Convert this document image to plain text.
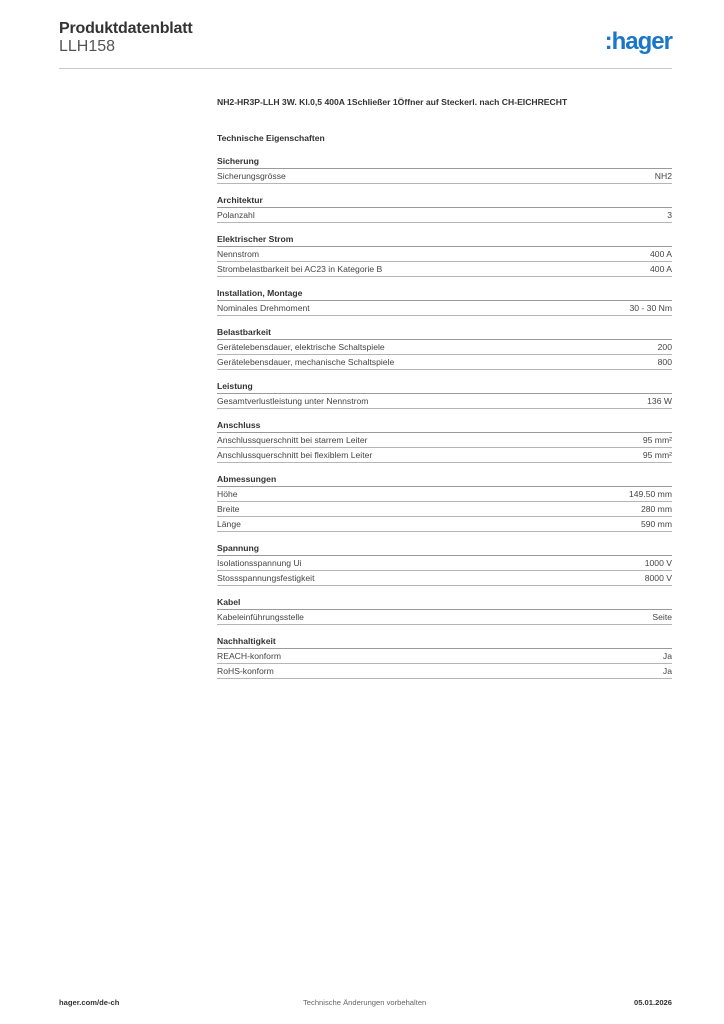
Produktdatenblatt
LLH158	:hager

NH2-HR3P-LLH 3W. Kl.0,5 400A 1Schließer 1Öffner auf Steckerl. nach CH-EICHRECHT

Technische Eigenschaften
Sicherung
Sicherungsgrösse	NH2
Architektur
Polanzahl	3
Elektrischer Strom
Nennstrom	400 A
Strombelastbarkeit bei AC23 in Kategorie B	400 A
Installation, Montage
Nominales Drehmoment	30 - 30 Nm
Belastbarkeit
Gerätelebensdauer, elektrische Schaltspiele	200
Gerätelebensdauer, mechanische Schaltspiele	800
Leistung
Gesamtverlustleistung unter Nennstrom	136 W
Anschluss
Anschlussquerschnitt bei starrem Leiter	95 mm²
Anschlussquerschnitt bei flexiblem Leiter	95 mm²
Abmessungen
Höhe	149.50 mm
Breite	280 mm
Länge	590 mm
Spannung
Isolationsspannung Ui	1000 V
Stossspannungsfestigkeit	8000 V
Kabel
Kabeleinführungsstelle	Seite
Nachhaltigkeit
REACH-konform	Ja
RoHS-konform	Ja
hager.com/de-ch	Technische Änderungen vorbehalten	05.01.2026
